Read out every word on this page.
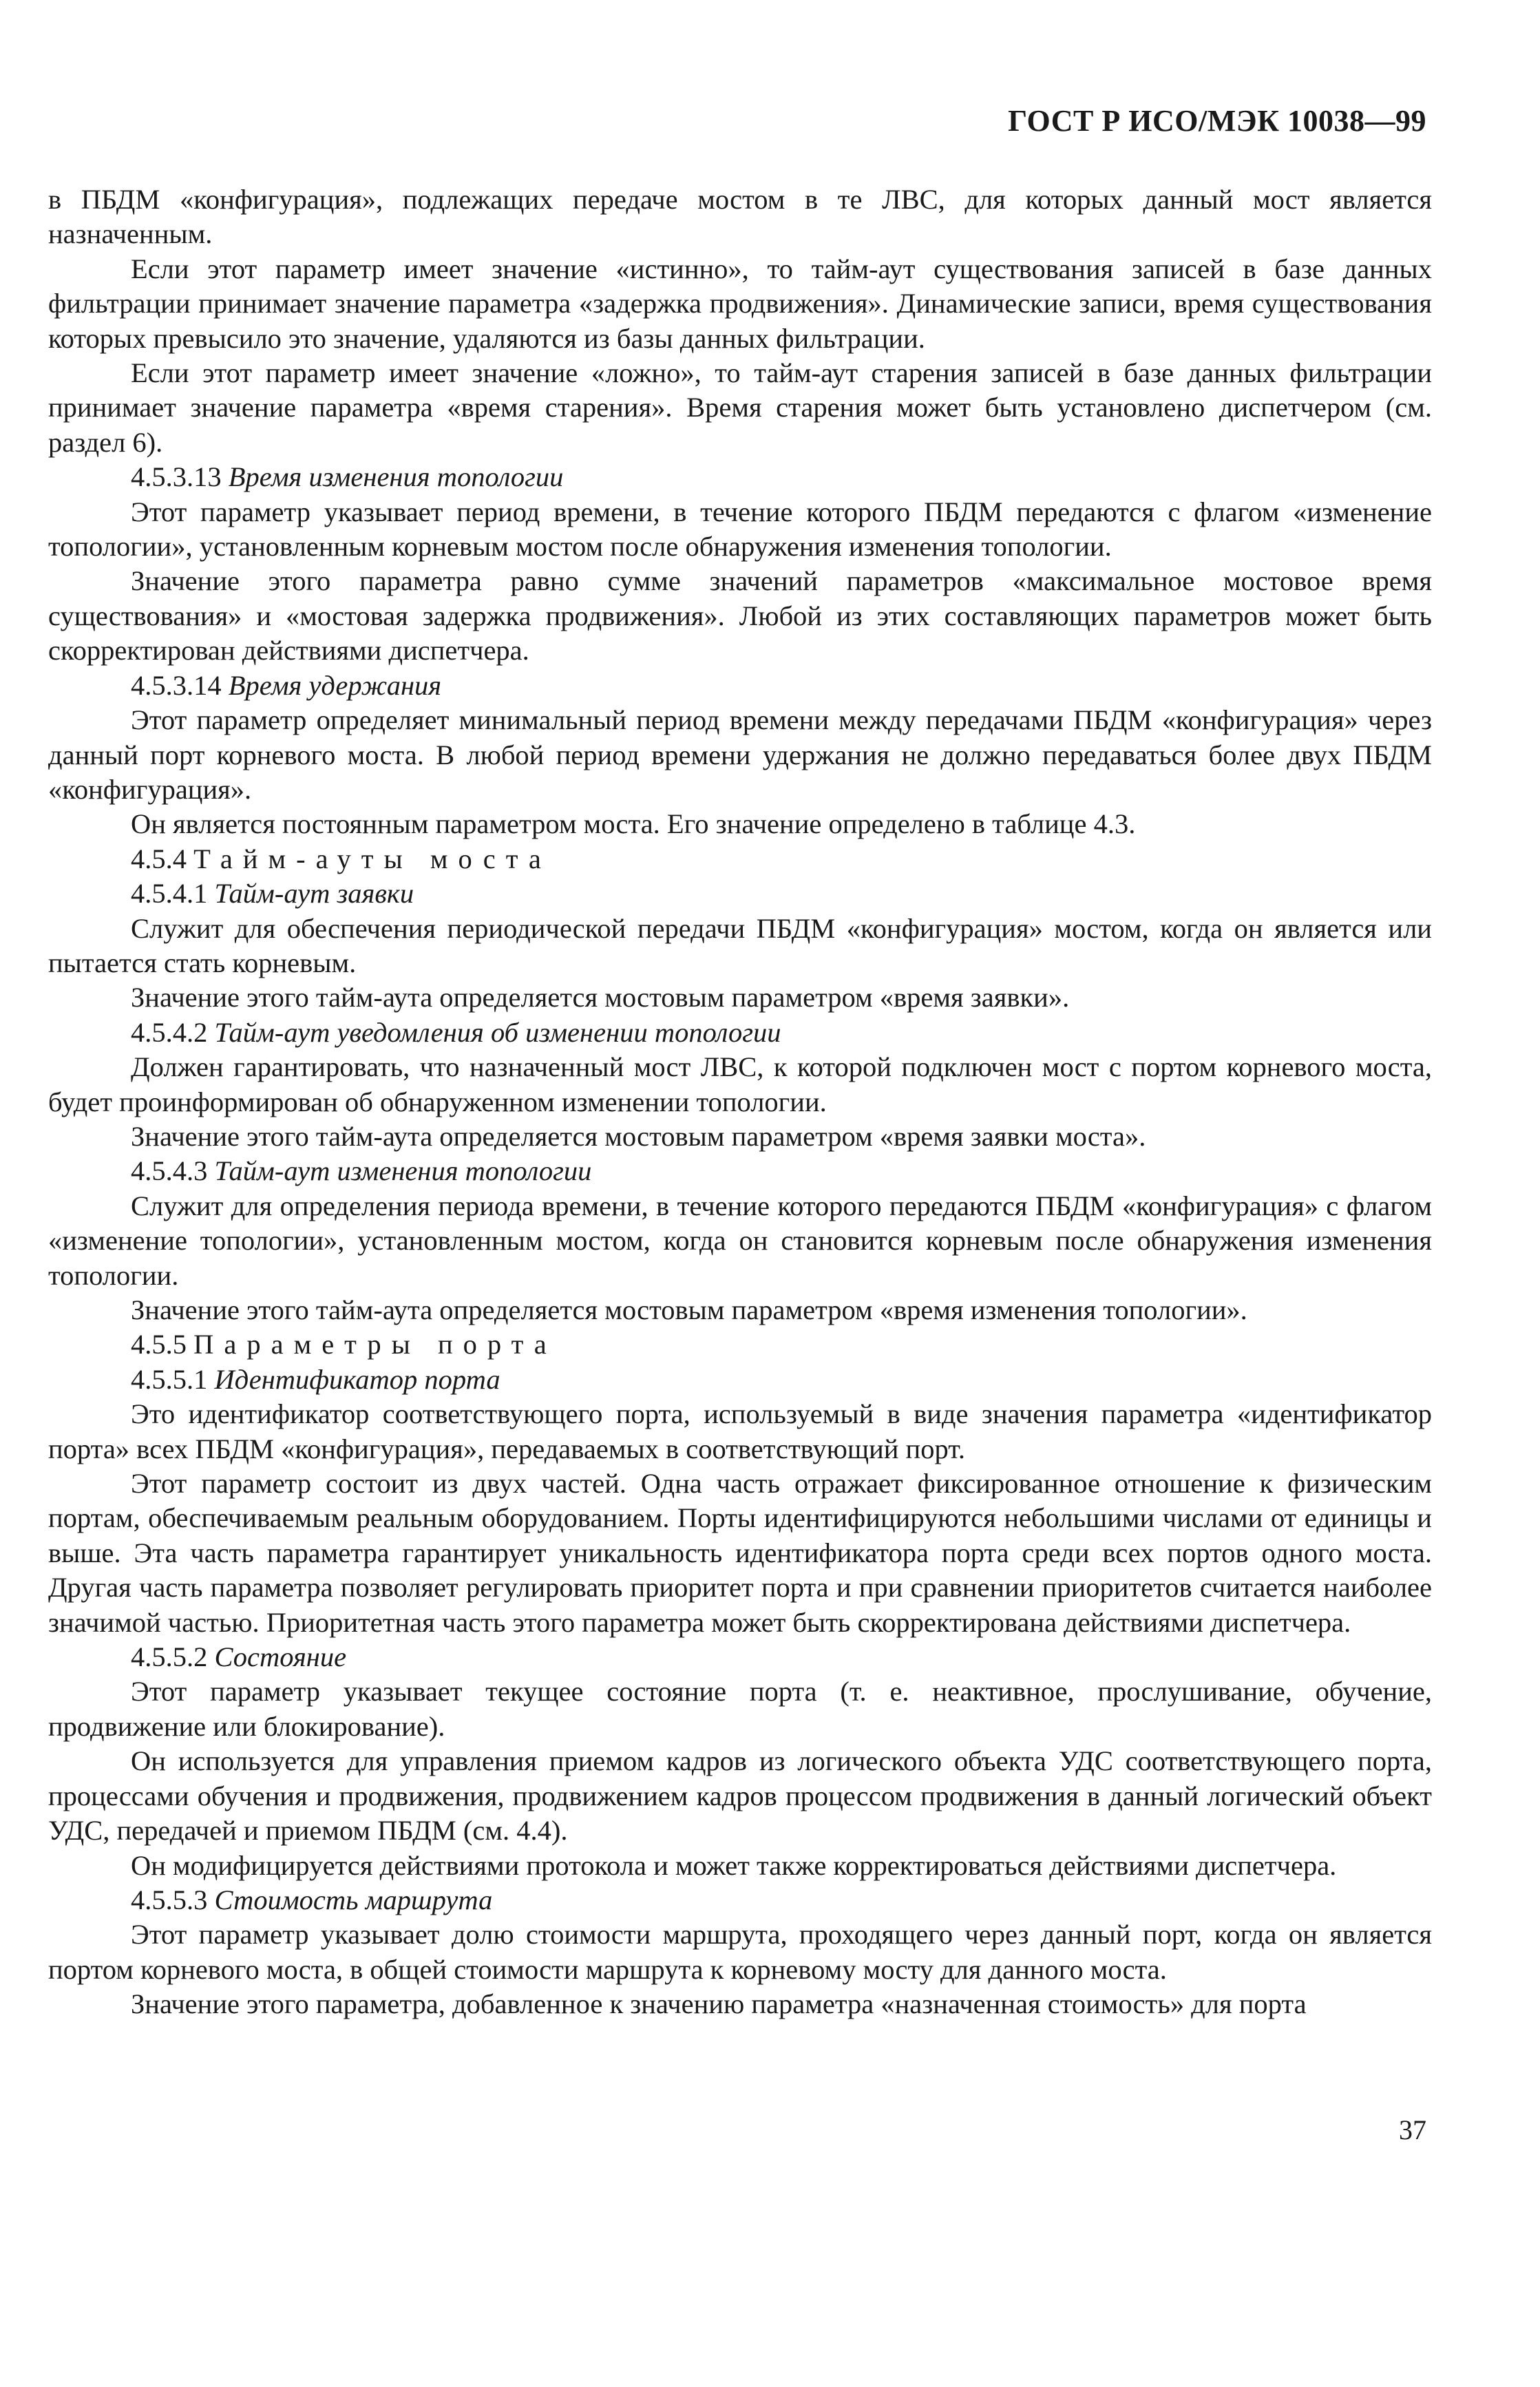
ГОСТ Р ИСО/МЭК 10038—99

в ПБДМ «конфигурация», подлежащих передаче мостом в те ЛВС, для которых данный мост является назначенным.

Если этот параметр имеет значение «истинно», то тайм-аут существования записей в базе данных фильтрации принимает значение параметра «задержка продвижения». Динамические записи, время существования которых превысило это значение, удаляются из базы данных фильтрации.

Если этот параметр имеет значение «ложно», то тайм-аут старения записей в базе данных фильтрации принимает значение параметра «время старения». Время старения может быть установлено диспетчером (см. раздел 6).

4.5.3.13 Время изменения топологии

Этот параметр указывает период времени, в течение которого ПБДМ передаются с флагом «изменение топологии», установленным корневым мостом после обнаружения изменения топологии.

Значение этого параметра равно сумме значений параметров «максимальное мостовое время существования» и «мостовая задержка продвижения». Любой из этих составляющих параметров может быть скорректирован действиями диспетчера.

4.5.3.14 Время удержания

Этот параметр определяет минимальный период времени между передачами ПБДМ «конфигурация» через данный порт корневого моста. В любой период времени удержания не должно передаваться более двух ПБДМ «конфигурация».

Он является постоянным параметром моста. Его значение определено в таблице 4.3.

4.5.4 Тайм-ауты моста

4.5.4.1 Тайм-аут заявки

Служит для обеспечения периодической передачи ПБДМ «конфигурация» мостом, когда он является или пытается стать корневым.

Значение этого тайм-аута определяется мостовым параметром «время заявки».

4.5.4.2 Тайм-аут уведомления об изменении топологии

Должен гарантировать, что назначенный мост ЛВС, к которой подключен мост с портом корневого моста, будет проинформирован об обнаруженном изменении топологии.

Значение этого тайм-аута определяется мостовым параметром «время заявки моста».

4.5.4.3 Тайм-аут изменения топологии

Служит для определения периода времени, в течение которого передаются ПБДМ «конфигурация» с флагом «изменение топологии», установленным мостом, когда он становится корневым после обнаружения изменения топологии.

Значение этого тайм-аута определяется мостовым параметром «время изменения топологии».

4.5.5 Параметры порта

4.5.5.1 Идентификатор порта

Это идентификатор соответствующего порта, используемый в виде значения параметра «идентификатор порта» всех ПБДМ «конфигурация», передаваемых в соответствующий порт.

Этот параметр состоит из двух частей. Одна часть отражает фиксированное отношение к физическим портам, обеспечиваемым реальным оборудованием. Порты идентифицируются небольшими числами от единицы и выше. Эта часть параметра гарантирует уникальность идентификатора порта среди всех портов одного моста. Другая часть параметра позволяет регулировать приоритет порта и при сравнении приоритетов считается наиболее значимой частью. Приоритетная часть этого параметра может быть скорректирована действиями диспетчера.

4.5.5.2 Состояние

Этот параметр указывает текущее состояние порта (т. е. неактивное, прослушивание, обучение, продвижение или блокирование).

Он используется для управления приемом кадров из логического объекта УДС соответствующего порта, процессами обучения и продвижения, продвижением кадров процессом продвижения в данный логический объект УДС, передачей и приемом ПБДМ (см. 4.4).

Он модифицируется действиями протокола и может также корректироваться действиями диспетчера.

4.5.5.3 Стоимость маршрута

Этот параметр указывает долю стоимости маршрута, проходящего через данный порт, когда он является портом корневого моста, в общей стоимости маршрута к корневому мосту для данного моста.

Значение этого параметра, добавленное к значению параметра «назначенная стоимость» для порта

37
